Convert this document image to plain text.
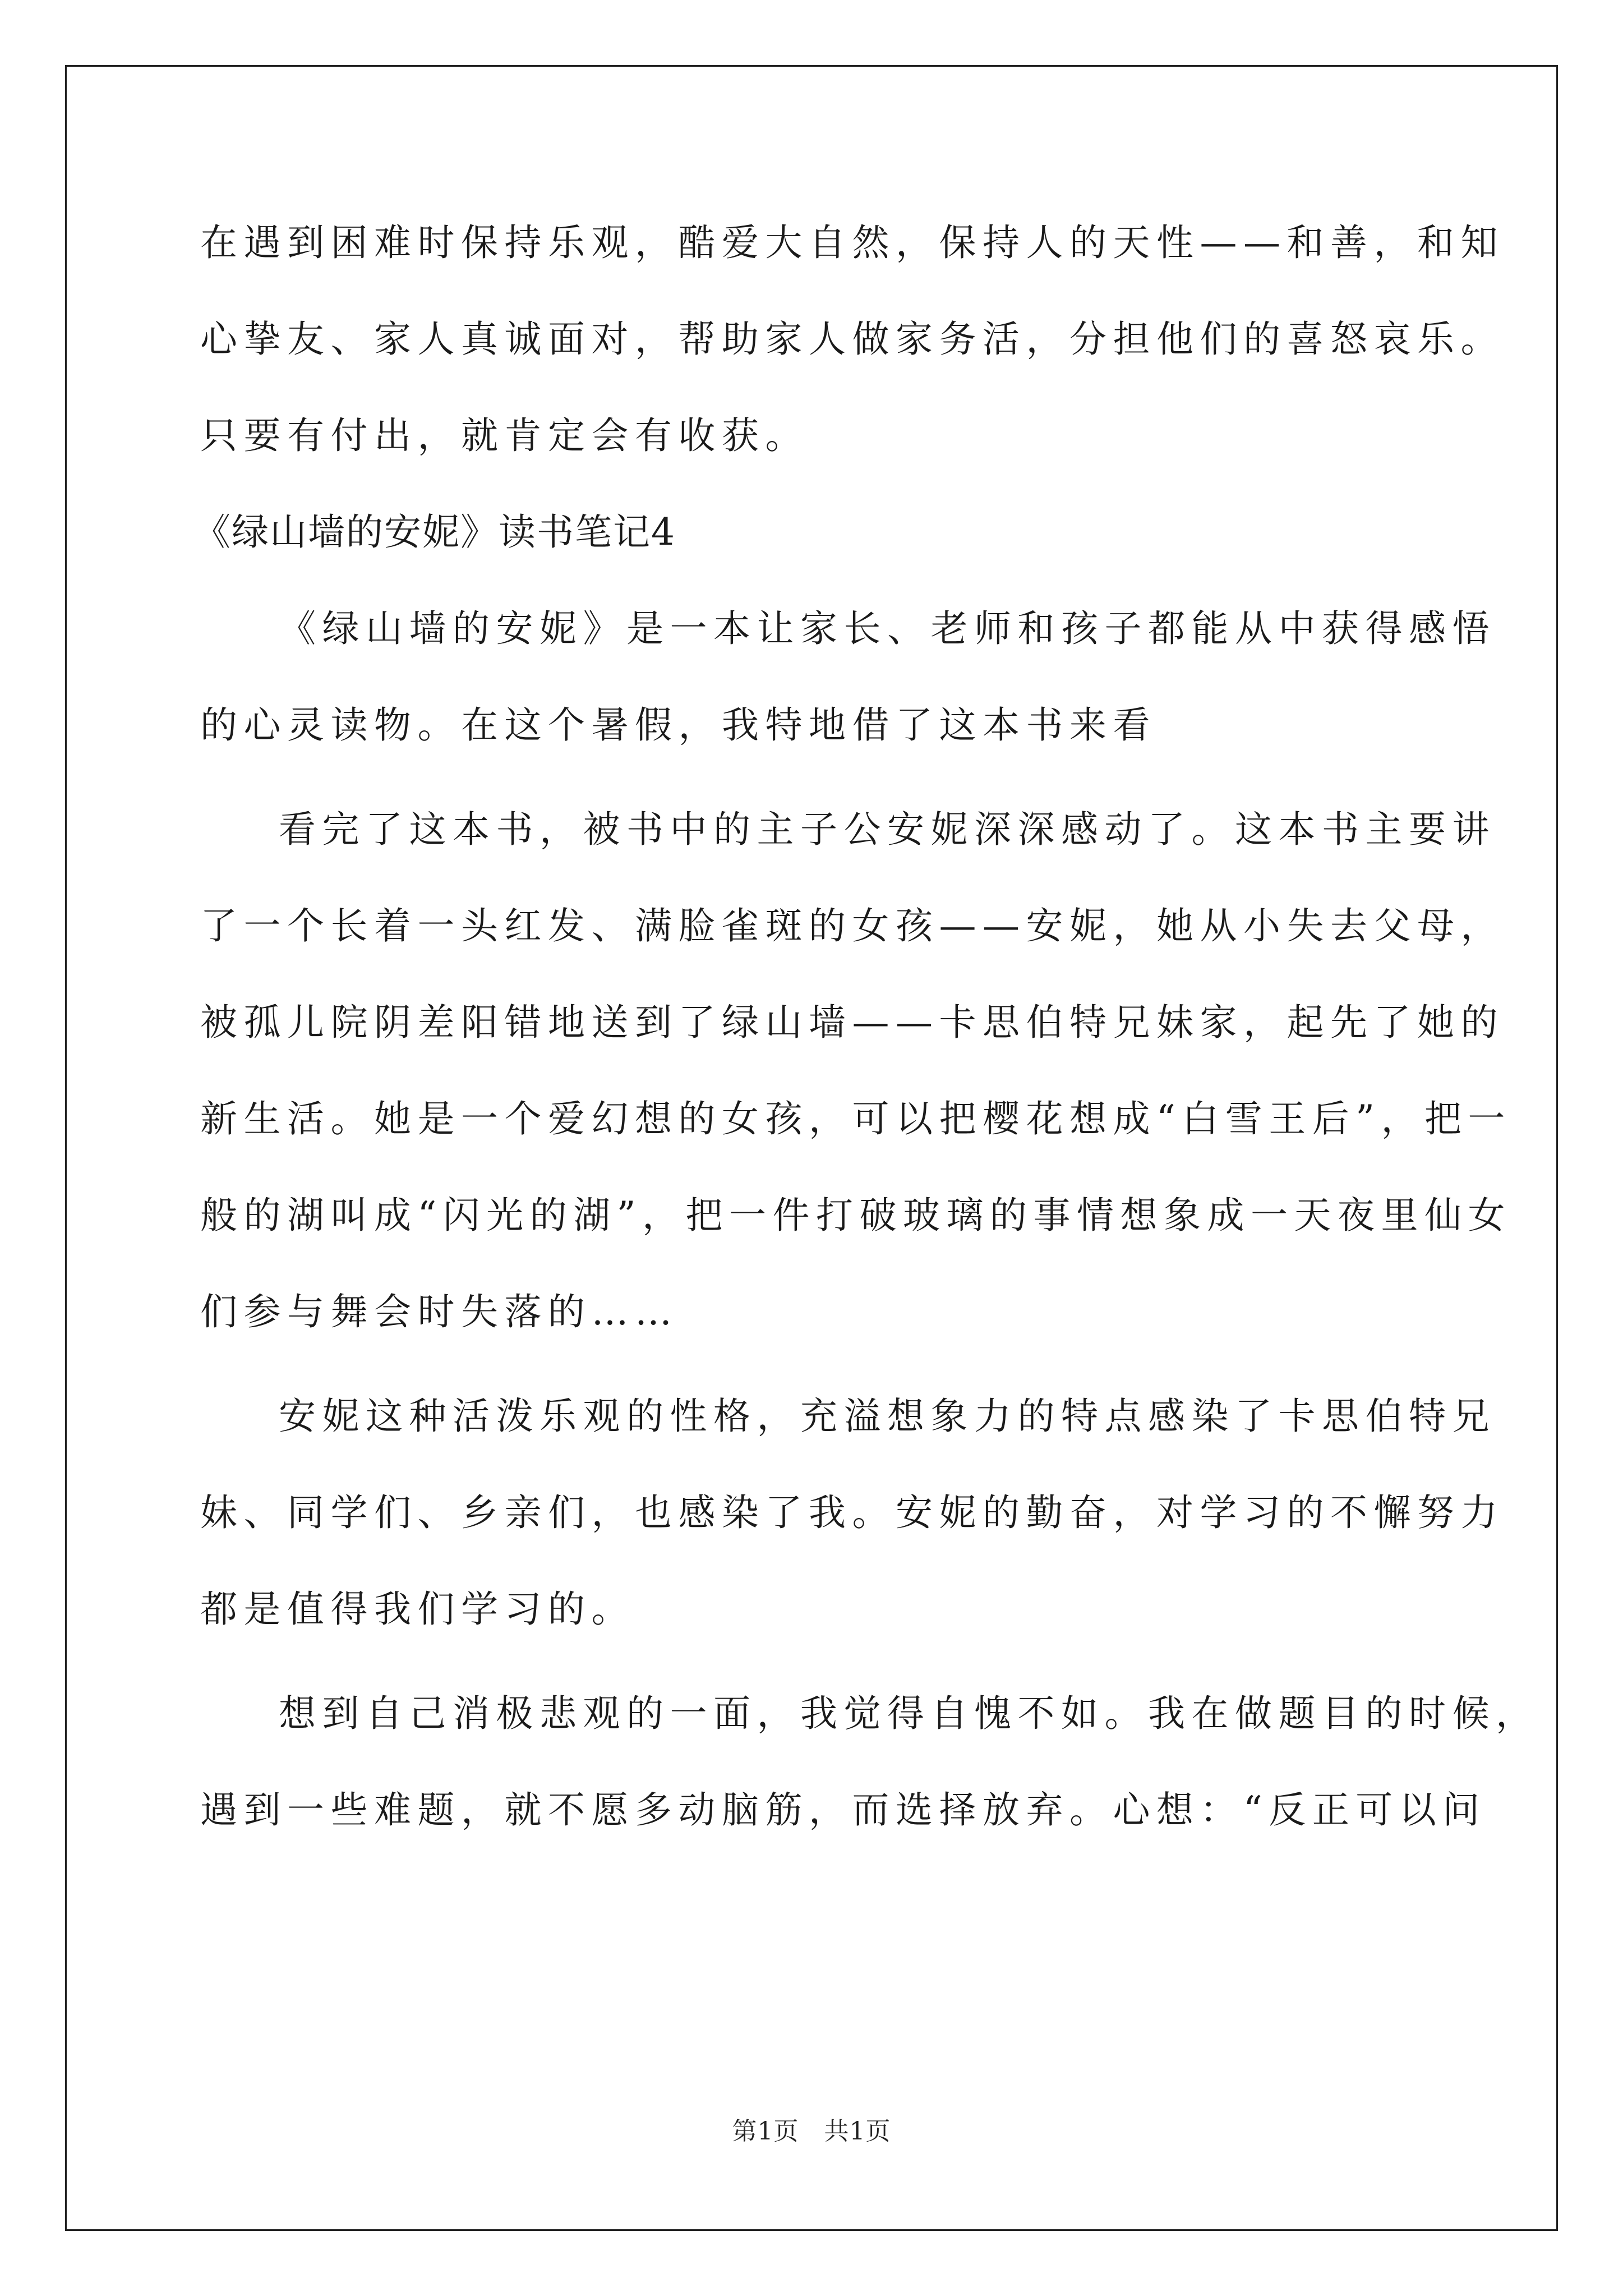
在遇到困难时保持乐观，酷爱大自然，保持人的天性——和善，和知
心挚友、家人真诚面对，帮助家人做家务活，分担他们的喜怒哀乐。
只要有付出，就肯定会有收获。
《绿山墙的安妮》读书笔记4
《绿山墙的安妮》是一本让家长、老师和孩子都能从中获得感悟
的心灵读物。在这个暑假，我特地借了这本书来看
看完了这本书，被书中的主子公安妮深深感动了。这本书主要讲
了一个长着一头红发、满脸雀斑的女孩——安妮，她从小失去父母，
被孤儿院阴差阳错地送到了绿山墙——卡思伯特兄妹家，起先了她的
新生活。她是一个爱幻想的女孩，可以把樱花想成“白雪王后”，把一
般的湖叫成“闪光的湖”，把一件打破玻璃的事情想象成一天夜里仙女
们参与舞会时失落的……
安妮这种活泼乐观的性格，充溢想象力的特点感染了卡思伯特兄
妹、同学们、乡亲们，也感染了我。安妮的勤奋，对学习的不懈努力
都是值得我们学习的。
想到自己消极悲观的一面，我觉得自愧不如。我在做题目的时候，
遇到一些难题，就不愿多动脑筋，而选择放弃。心想：“反正可以问
第1页　共1页
